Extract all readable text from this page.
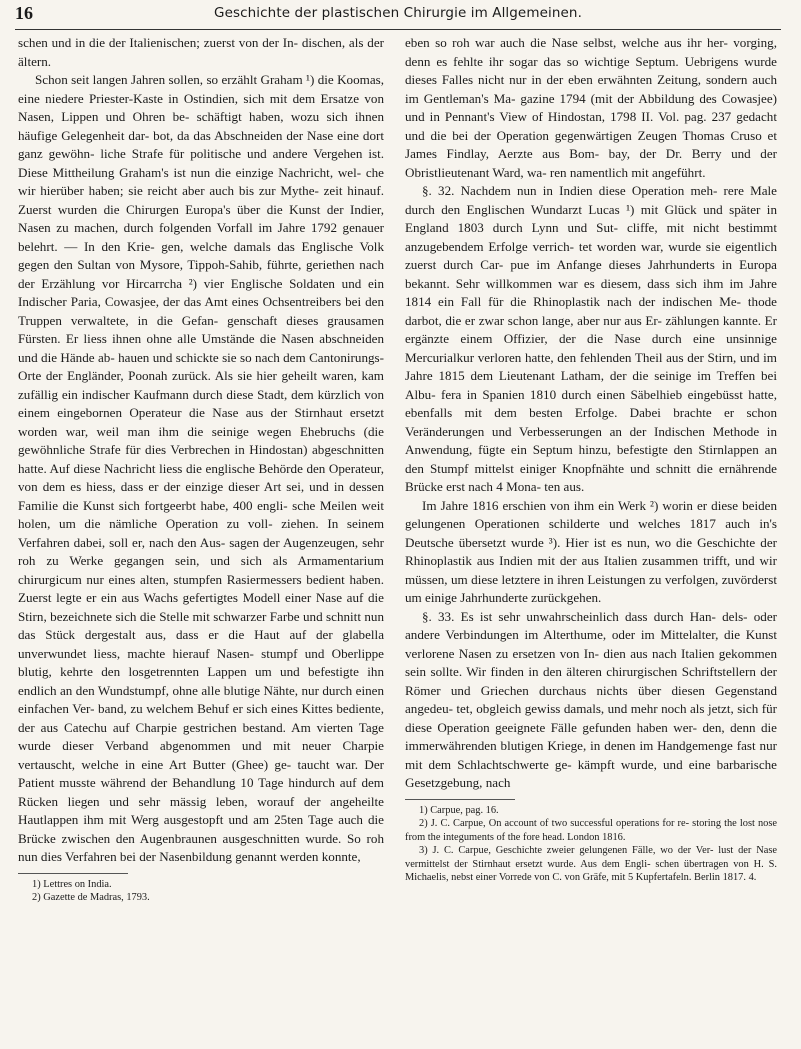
16	Geschichte der plastischen Chirurgie im Allgemeinen.

schen und in die der Italienischen; zuerst von der In- dischen, als der ältern.

Schon seit langen Jahren sollen, so erzählt Graham ¹) die Koomas, eine niedere Priester-Kaste in Ostindien, sich mit dem Ersatze von Nasen, Lippen und Ohren be- schäftigt haben, wozu sich ihnen häufige Gelegenheit dar- bot, da das Abschneiden der Nase eine dort ganz gewöhn- liche Strafe für politische und andere Vergehen ist. Diese Mittheilung Graham's ist nun die einzige Nachricht, wel- che wir hierüber haben; sie reicht aber auch bis zur Mythe- zeit hinauf. Zuerst wurden die Chirurgen Europa's über die Kunst der Indier, Nasen zu machen, durch folgenden Vorfall im Jahre 1792 genauer belehrt. — In den Krie- gen, welche damals das Englische Volk gegen den Sultan von Mysore, Tippoh-Sahib, führte, geriethen nach der Erzählung vor Hircarrcha ²) vier Englische Soldaten und ein Indischer Paria, Cowasjee, der das Amt eines Ochsentreibers bei den Truppen verwaltete, in die Gefan- genschaft dieses grausamen Fürsten. Er liess ihnen ohne alle Umstände die Nasen abschneiden und die Hände ab- hauen und schickte sie so nach dem Cantonirungs-Orte der Engländer, Poonah zurück. Als sie hier geheilt waren, kam zufällig ein indischer Kaufmann durch diese Stadt, dem kürzlich von einem eingebornen Operateur die Nase aus der Stirnhaut ersetzt worden war, weil man ihm die seinige wegen Ehebruchs (die gewöhnliche Strafe für dies Verbrechen in Hindostan) abgeschnitten hatte. Auf diese Nachricht liess die englische Behörde den Operateur, von dem es hiess, dass er der einzige dieser Art sei, und in dessen Familie die Kunst sich fortgeerbt habe, 400 engli- sche Meilen weit holen, um die nämliche Operation zu voll- ziehen. In seinem Verfahren dabei, soll er, nach den Aus- sagen der Augenzeugen, sehr roh zu Werke gegangen sein, und sich als Armamentarium chirurgicum nur eines alten, stumpfen Rasiermessers bedient haben. Zuerst legte er ein aus Wachs gefertigtes Modell einer Nase auf die Stirn, bezeichnete sich die Stelle mit schwarzer Farbe und schnitt nun das Stück dergestalt aus, dass er die Haut auf der glabella unverwundet liess, machte hierauf Nasen- stumpf und Oberlippe blutig, kehrte den losgetrennten Lappen um und befestigte ihn endlich an den Wundstumpf, ohne alle blutige Nähte, nur durch einen einfachen Ver- band, zu welchem Behuf er sich eines Kittes bediente, der aus Catechu auf Charpie gestrichen bestand. Am vierten Tage wurde dieser Verband abgenommen und mit neuer Charpie vertauscht, welche in eine Art Butter (Ghee) ge- taucht war. Der Patient musste während der Behandlung 10 Tage hindurch auf dem Rücken liegen und sehr mässig leben, worauf der angeheilte Hautlappen ihm mit Werg ausgestopft und am 25ten Tage auch die Brücke zwischen den Augenbraunen ausgeschnitten wurde. So roh nun dies Verfahren bei der Nasenbildung genannt werden konnte,

1) Lettres on India.

2) Gazette de Madras, 1793.

eben so roh war auch die Nase selbst, welche aus ihr her- vorging, denn es fehlte ihr sogar das so wichtige Septum. Uebrigens wurde dieses Falles nicht nur in der eben erwähnten Zeitung, sondern auch im Gentleman's Ma- gazine 1794 (mit der Abbildung des Cowasjee) und in Pennant's View of Hindostan, 1798 II. Vol. pag. 237 gedacht und die bei der Operation gegenwärtigen Zeugen Thomas Cruso et James Findlay, Aerzte aus Bom- bay, der Dr. Berry und der Obristlieutenant Ward, wa- ren namentlich mit angeführt.

§. 32. Nachdem nun in Indien diese Operation meh- rere Male durch den Englischen Wundarzt Lucas ¹) mit Glück und später in England 1803 durch Lynn und Sut- cliffe, mit nicht bestimmt anzugebendem Erfolge verrich- tet worden war, wurde sie eigentlich zuerst durch Car- pue im Anfange dieses Jahrhunderts in Europa bekannt. Sehr willkommen war es diesem, dass sich ihm im Jahre 1814 ein Fall für die Rhinoplastik nach der indischen Me- thode darbot, die er zwar schon lange, aber nur aus Er- zählungen kannte. Er ergänzte einem Offizier, der die Nase durch eine unsinnige Mercurialkur verloren hatte, den fehlenden Theil aus der Stirn, und im Jahre 1815 dem Lieutenant Latham, der die seinige im Treffen bei Albu- fera in Spanien 1810 durch einen Säbelhieb eingebüsst hatte, ebenfalls mit dem besten Erfolge. Dabei brachte er schon Veränderungen und Verbesserungen an der Indischen Methode in Anwendung, fügte ein Septum hinzu, befestigte den Stirnlappen an den Stumpf mittelst einiger Knopfnähte und schnitt die ernährende Brücke erst nach 4 Mona- ten aus.

Im Jahre 1816 erschien von ihm ein Werk ²) worin er diese beiden gelungenen Operationen schilderte und welches 1817 auch in's Deutsche übersetzt wurde ³). Hier ist es nun, wo die Geschichte der Rhinoplastik aus Indien mit der aus Italien zusammen trifft, und wir müssen, um diese letztere in ihren Leistungen zu verfolgen, zuvörderst um einige Jahrhunderte zurückgehen.

§. 33. Es ist sehr unwahrscheinlich dass durch Han- dels- oder andere Verbindungen im Alterthume, oder im Mittelalter, die Kunst verlorene Nasen zu ersetzen von In- dien aus nach Italien gekommen sein sollte. Wir finden in den älteren chirurgischen Schriftstellern der Römer und Griechen durchaus nichts über diesen Gegenstand angedeu- tet, obgleich gewiss damals, und mehr noch als jetzt, sich für diese Operation geeignete Fälle gefunden haben wer- den, denn die immerwährenden blutigen Kriege, in denen im Handgemenge fast nur mit dem Schlachtschwerte ge- kämpft wurde, und eine barbarische Gesetzgebung, nach

1) Carpue, pag. 16.

2) J. C. Carpue, On account of two successful operations for re- storing the lost nose from the integuments of the fore head. London 1816.

3) J. C. Carpue, Geschichte zweier gelungenen Fälle, wo der Ver- lust der Nase vermittelst der Stirnhaut ersetzt wurde. Aus dem Engli- schen übertragen von H. S. Michaelis, nebst einer Vorrede von C. von Gräfe, mit 5 Kupfertafeln. Berlin 1817. 4.
